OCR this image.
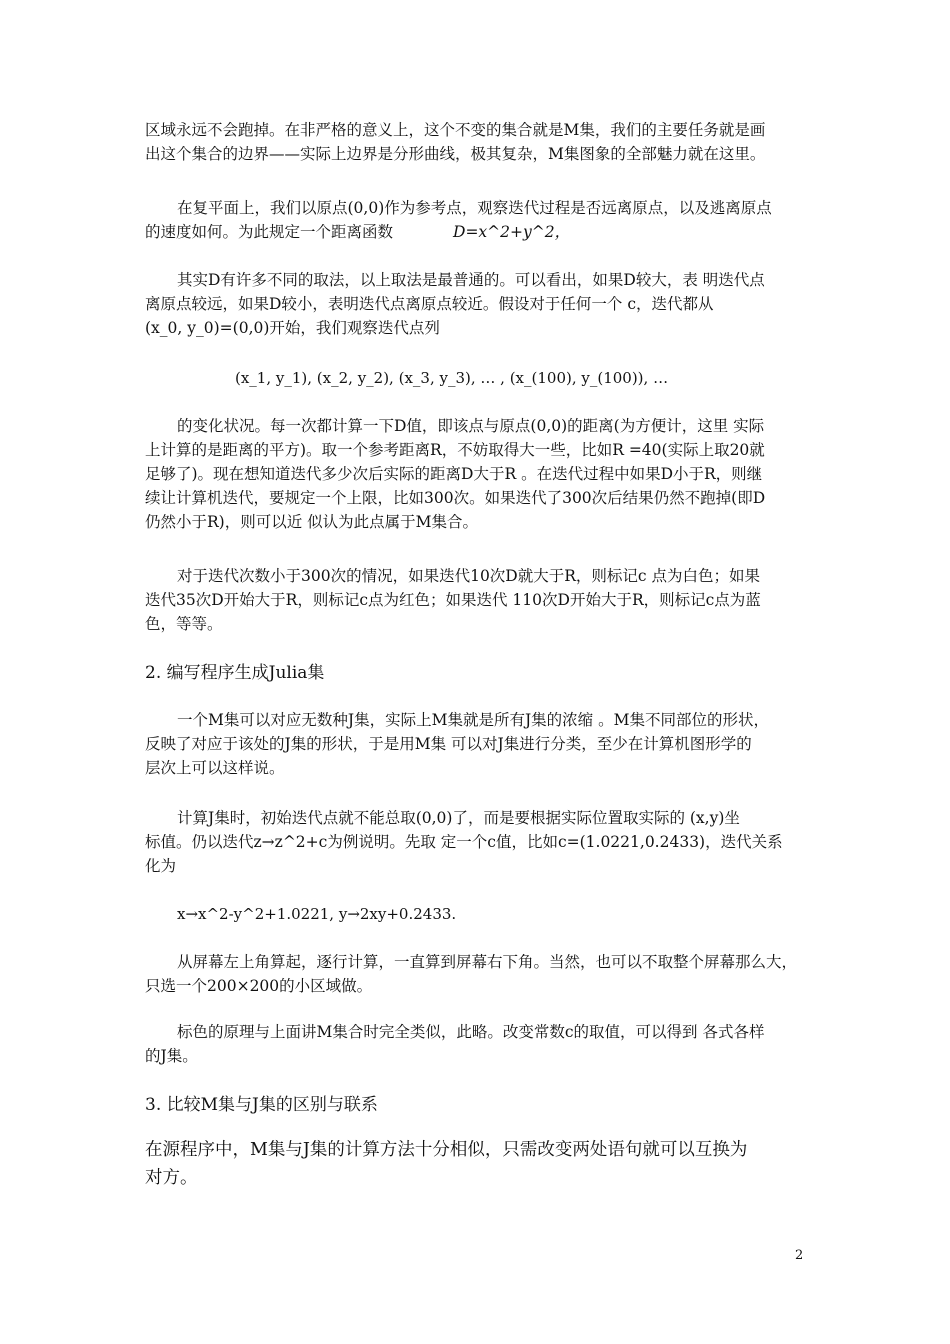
区域永远不会跑掉。在非严格的意义上，这个不变的集合就是M集，我们的主要任务就是画
出这个集合的边界——实际上边界是分形曲线，极其复杂，M集图象的全部魅力就在这里。
在复平面上，我们以原点(0,0)作为参考点，观察迭代过程是否远离原点，以及逃离原点
的速度如何。为此规定一个距离函数	D=x^2+y^2，
其实D有许多不同的取法，以上取法是最普通的。可以看出，如果D较大，表 明迭代点
离原点较远，如果D较小，表明迭代点离原点较近。假设对于任何一个 c，迭代都从
(x_0, y_0)=(0,0)开始，我们观察迭代点列
(x_1, y_1), (x_2, y_2), (x_3, y_3), … , (x_(100), y_(100)), …
的变化状况。每一次都计算一下D值，即该点与原点(0,0)的距离(为方便计，这里 实际
上计算的是距离的平方)。取一个参考距离R，不妨取得大一些，比如R =40(实际上取20就
足够了)。现在想知道迭代多少次后实际的距离D大于R 。在迭代过程中如果D小于R，则继
续让计算机迭代，要规定一个上限，比如300次。如果迭代了300次后结果仍然不跑掉(即D
仍然小于R)，则可以近 似认为此点属于M集合。
对于迭代次数小于300次的情况，如果迭代10次D就大于R，则标记c 点为白色；如果
迭代35次D开始大于R，则标记c点为红色；如果迭代 110次D开始大于R，则标记c点为蓝
色，等等。
2. 编写程序生成Julia集
一个M集可以对应无数种J集，实际上M集就是所有J集的浓缩 。M集不同部位的形状，
反映了对应于该处的J集的形状，于是用M集 可以对J集进行分类，至少在计算机图形学的
层次上可以这样说。
计算J集时，初始迭代点就不能总取(0,0)了，而是要根据实际位置取实际的 (x,y)坐
标值。仍以迭代z→z^2+c为例说明。先取 定一个c值，比如c=(1.0221,0.2433)，迭代关系
化为
x→x^2-y^2+1.0221, y→2xy+0.2433.
从屏幕左上角算起，逐行计算，一直算到屏幕右下角。当然，也可以不取整个屏幕那么大，
只选一个200×200的小区域做。
标色的原理与上面讲M集合时完全类似，此略。改变常数c的取值，可以得到 各式各样
的J集。
3. 比较M集与J集的区别与联系
在源程序中，M集与J集的计算方法十分相似，只需改变两处语句就可以互换为
对方。
2
